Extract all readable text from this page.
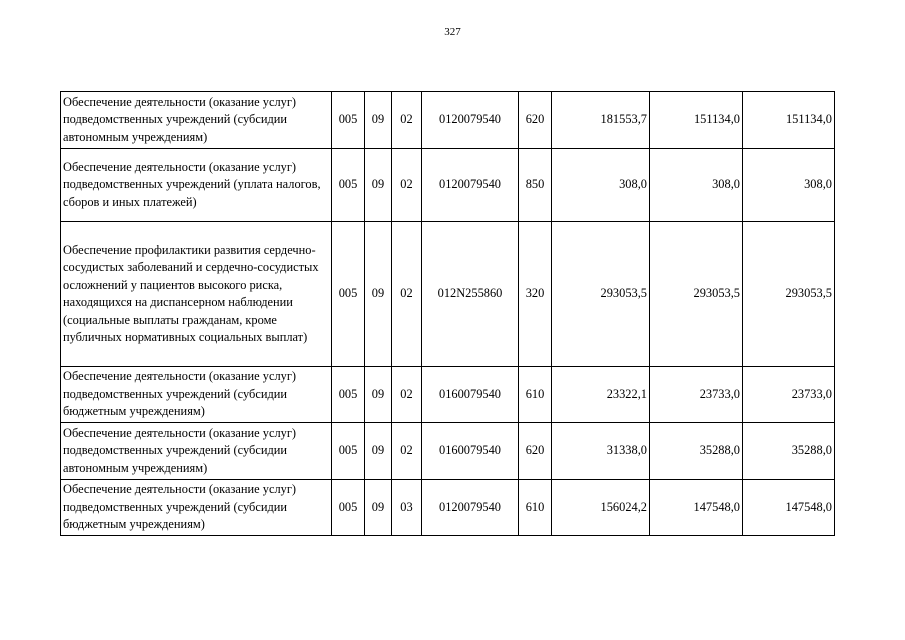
327
Обеспечение деятельности (оказание услуг) подведомственных учреждений (субсидии автономным учреждениям)	005	09	02	0120079540	620	181553,7	151134,0	151134,0
Обеспечение деятельности (оказание услуг) подведомственных учреждений (уплата налогов, сборов и иных платежей)	005	09	02	0120079540	850	308,0	308,0	308,0
Обеспечение профилактики развития сердечно-сосудистых заболеваний и сердечно-сосудистых осложнений у пациентов высокого риска, находящихся на диспансерном наблюдении (социальные выплаты гражданам, кроме публичных нормативных социальных выплат)	005	09	02	012N255860	320	293053,5	293053,5	293053,5
Обеспечение деятельности (оказание услуг) подведомственных учреждений (субсидии бюджетным учреждениям)	005	09	02	0160079540	610	23322,1	23733,0	23733,0
Обеспечение деятельности (оказание услуг) подведомственных учреждений (субсидии автономным учреждениям)	005	09	02	0160079540	620	31338,0	35288,0	35288,0
Обеспечение деятельности (оказание услуг) подведомственных учреждений (субсидии бюджетным учреждениям)	005	09	03	0120079540	610	156024,2	147548,0	147548,0
